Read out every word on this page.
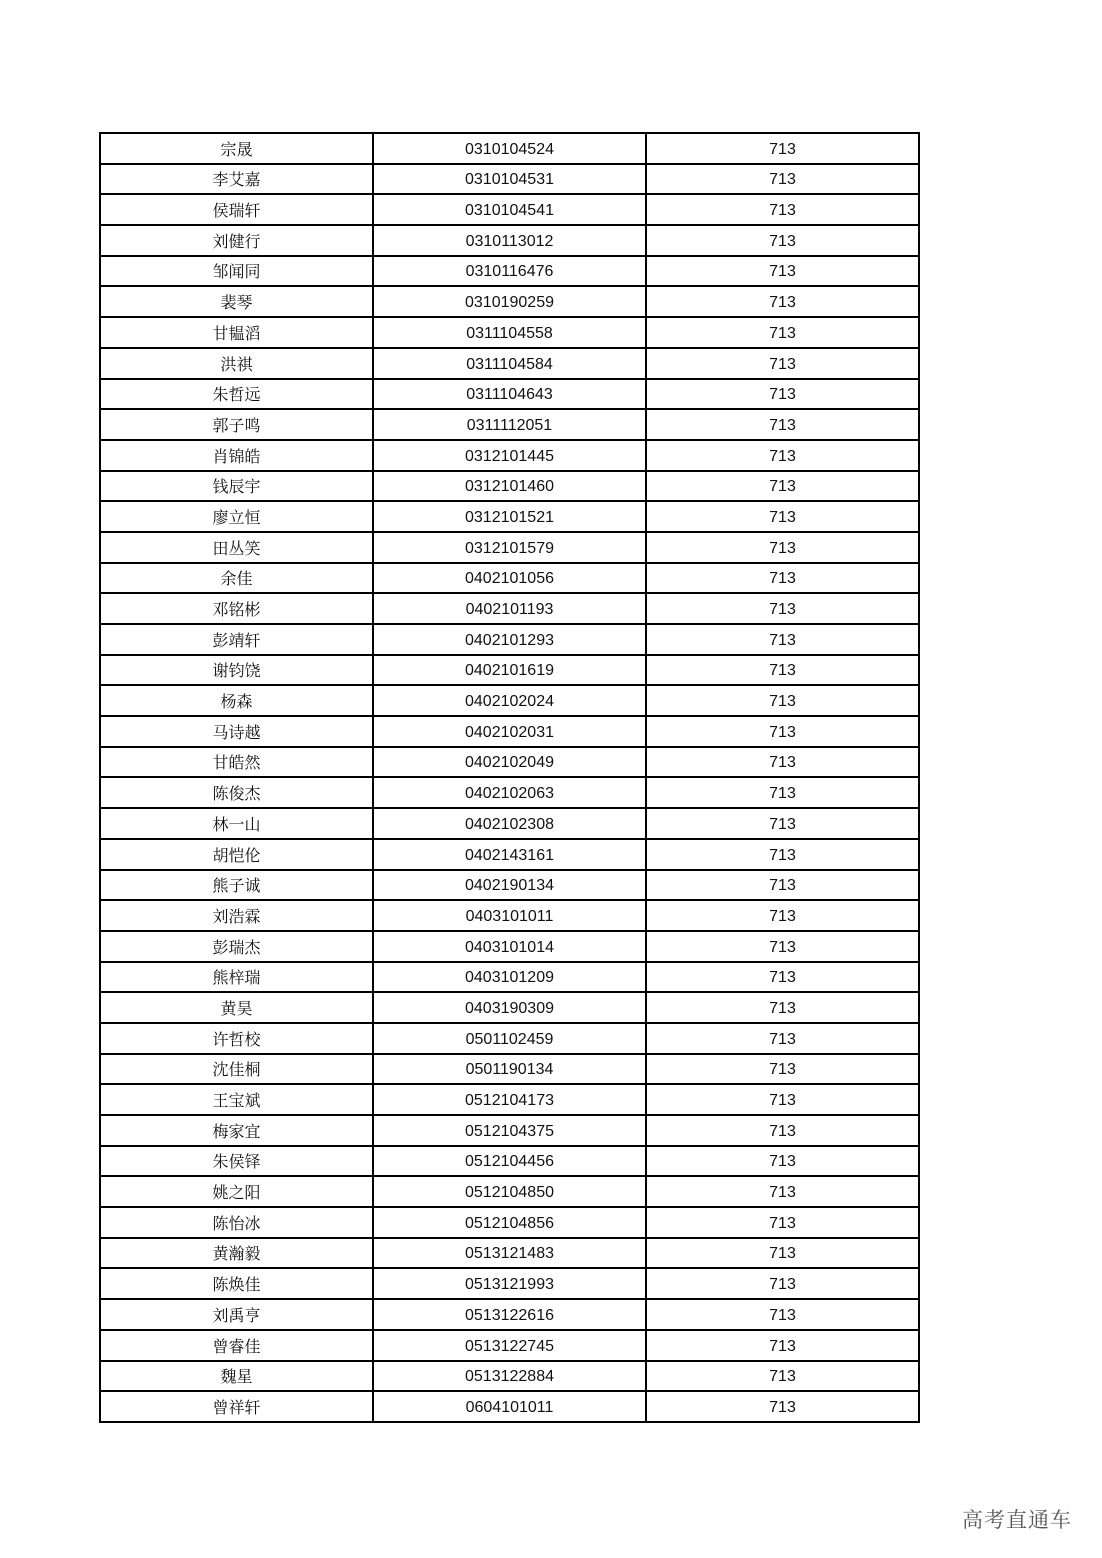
宗晟	0310104524	713
李艾嘉	0310104531	713
侯瑞轩	0310104541	713
刘健行	0310113012	713
邹闻同	0310116476	713
裴琴	0310190259	713
甘韫滔	0311104558	713
洪祺	0311104584	713
朱哲远	0311104643	713
郭子鸣	0311112051	713
肖锦皓	0312101445	713
钱辰宇	0312101460	713
廖立恒	0312101521	713
田丛笑	0312101579	713
余佳	0402101056	713
邓铭彬	0402101193	713
彭靖轩	0402101293	713
谢钧饶	0402101619	713
杨森	0402102024	713
马诗越	0402102031	713
甘皓然	0402102049	713
陈俊杰	0402102063	713
林一山	0402102308	713
胡恺伦	0402143161	713
熊子诚	0402190134	713
刘浩霖	0403101011	713
彭瑞杰	0403101014	713
熊梓瑞	0403101209	713
黄昊	0403190309	713
许哲校	0501102459	713
沈佳桐	0501190134	713
王宝斌	0512104173	713
梅家宜	0512104375	713
朱侯铎	0512104456	713
姚之阳	0512104850	713
陈怡冰	0512104856	713
黄瀚毅	0513121483	713
陈焕佳	0513121993	713
刘禹亨	0513122616	713
曾睿佳	0513122745	713
魏星	0513122884	713
曾祥轩	0604101011	713
高考直通车
